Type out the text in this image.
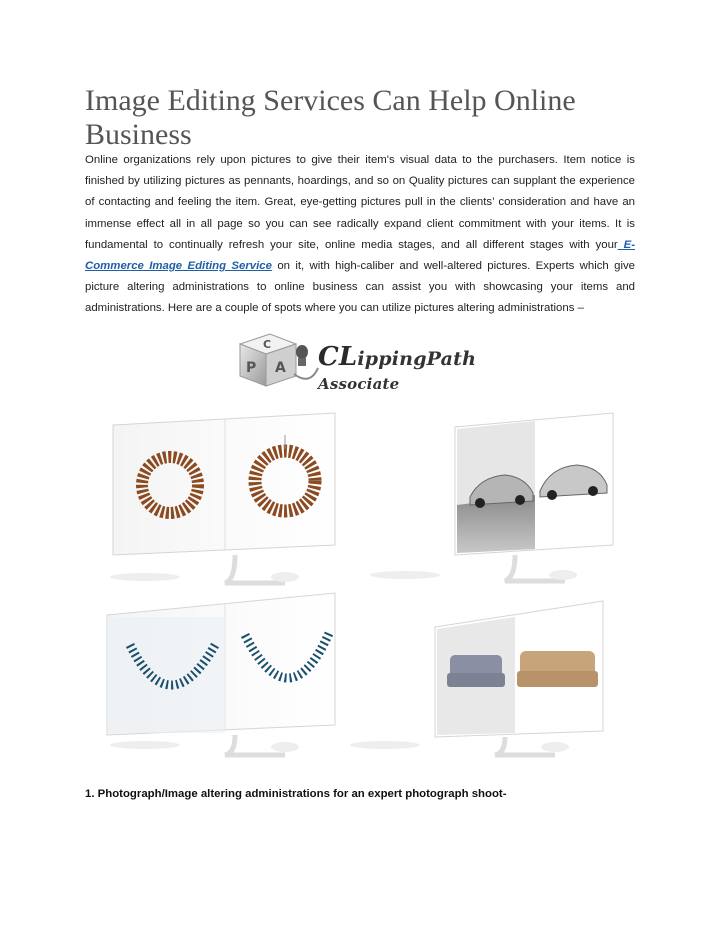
Image Editing Services Can Help Online Business

Online organizations rely upon pictures to give their item's visual data to the purchasers. Item notice is finished by utilizing pictures as pennants, hoardings, and so on Quality pictures can supplant the experience of contacting and feeling the item. Great, eye-getting pictures pull in the clients’ consideration and have an immense effect all in all page so you can see radically expand client commitment with your items. It is fundamental to continually refresh your site, online media stages, and all different stages with your E-Commerce Image Editing Service on it, with high-caliber and well-altered pictures. Experts which give picture altering administrations to online business can assist you with showcasing your items and administrations. Here are a couple of spots where you can utilize pictures altering administrations –

C
P A CLippingPath Associate

1. Photograph/Image altering administrations for an expert photograph shoot-
